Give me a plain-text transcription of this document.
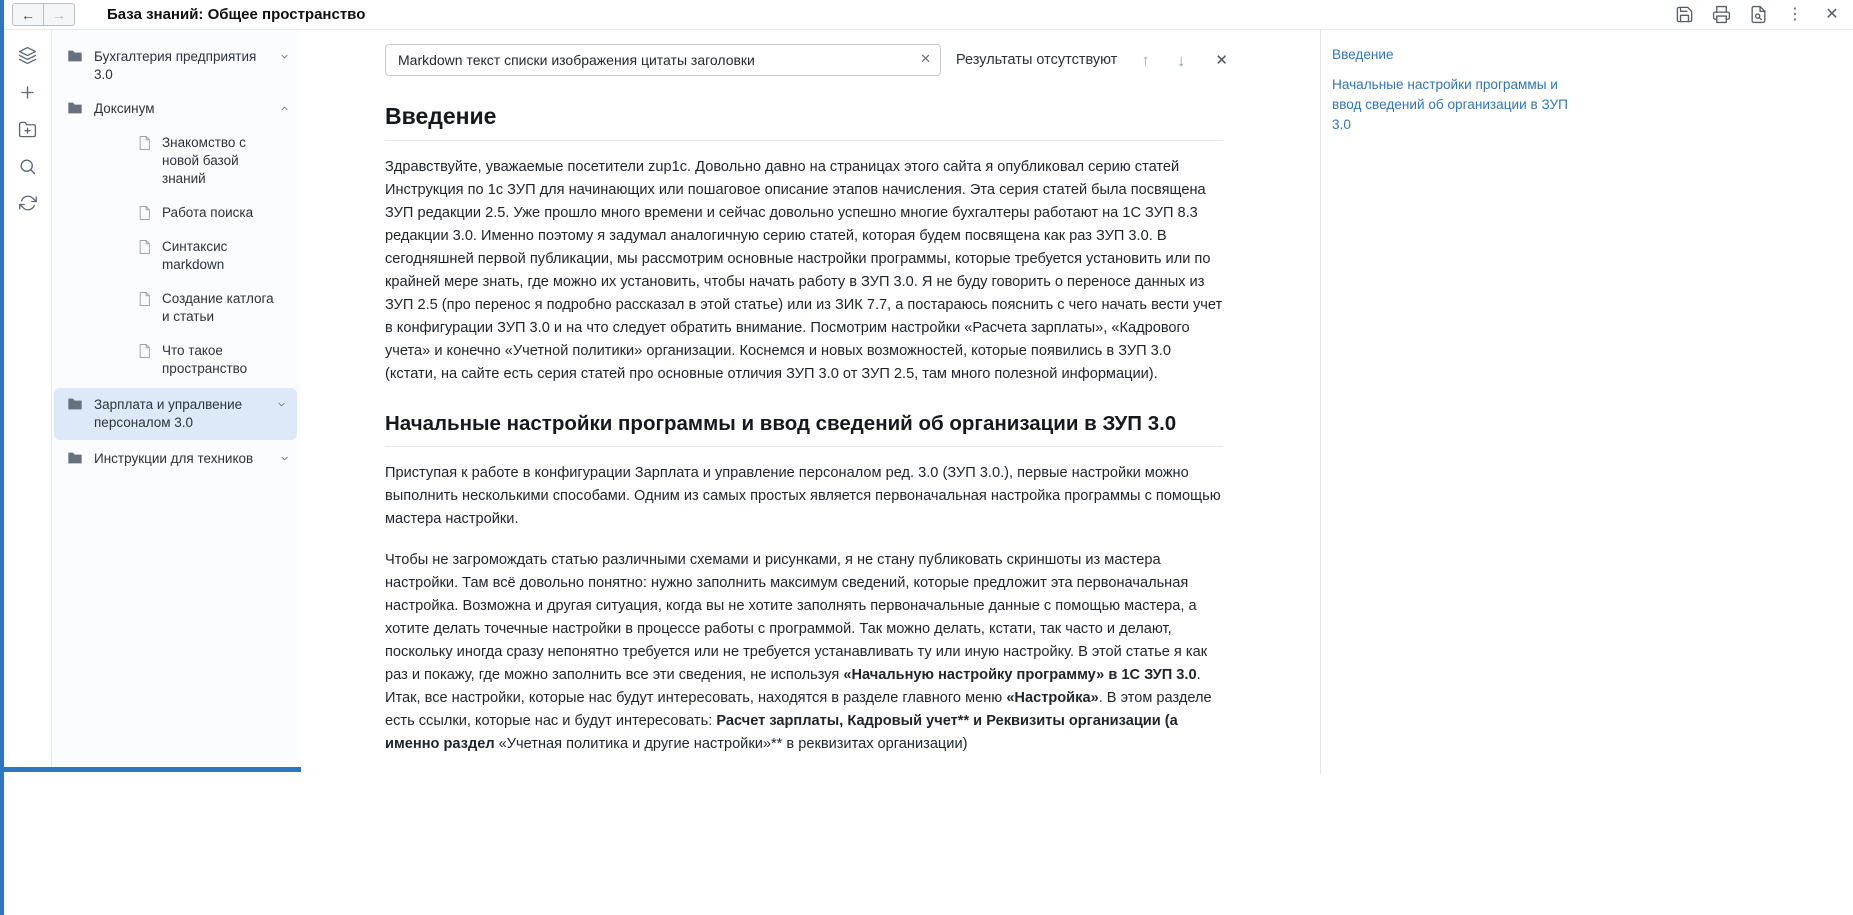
← →	База знаний: Общее пространство	⋮ ✕
Бухгалтерия предприятия 3.0
Доксинум
Знакомство с новой базой знаний
Работа поиска
Синтаксис markdown
Создание катлога и статьи
Что такое пространство
Зарплата и упралвение персоналом 3.0
Инструкции для техников
Markdown текст списки изображения цитаты заголовки
✕ Результаты отсутствуют ↑ ↓ ✕
Введение

Здравствуйте, уважаемые посетители zup1c. Довольно давно на страницах этого сайта я опубликовал серию статей Инструкция по 1с ЗУП для начинающих или пошаговое описание этапов начисления. Эта серия статей была посвящена ЗУП редакции 2.5. Уже прошло много времени и сейчас довольно успешно многие бухгалтеры работают на 1С ЗУП 8.3 редакции 3.0. Именно поэтому я задумал аналогичную серию статей, которая будем посвящена как раз ЗУП 3.0. В сегодняшней первой публикации, мы рассмотрим основные настройки программы, которые требуется установить или по крайней мере знать, где можно их установить, чтобы начать работу в ЗУП 3.0. Я не буду говорить о переносе данных из ЗУП 2.5 (про перенос я подробно рассказал в этой статье) или из ЗИК 7.7, а постараюсь пояснить с чего начать вести учет в конфигурации ЗУП 3.0 и на что следует обратить внимание. Посмотрим настройки «Расчета зарплаты», «Кадрового учета» и конечно «Учетной политики» организации. Коснемся и новых возможностей, которые появились в ЗУП 3.0 (кстати, на сайте есть серия статей про основные отличия ЗУП 3.0 от ЗУП 2.5, там много полезной информации).

Начальные настройки программы и ввод сведений об организации в ЗУП 3.0

Приступая к работе в конфигурации Зарплата и управление персоналом ред. 3.0 (ЗУП 3.0.), первые настройки можно выполнить несколькими способами. Одним из самых простых является первоначальная настройка программы с помощью мастера настройки.

Чтобы не загромождать статью различными схемами и рисунками, я не стану публиковать скриншоты из мастера настройки. Там всё довольно понятно: нужно заполнить максимум сведений, которые предложит эта первоначальная настройка. Возможна и другая ситуация, когда вы не хотите заполнять первоначальные данные с помощью мастера, а хотите делать точечные настройки в процессе работы с программой. Так можно делать, кстати, так часто и делают, поскольку иногда сразу непонятно требуется или не требуется устанавливать ту или иную настройку. В этой статье я как раз и покажу, где можно заполнить все эти сведения, не используя «Начальную настройку программу» в 1С ЗУП 3.0. Итак, все настройки, которые нас будут интересовать, находятся в разделе главного меню «Настройка». В этом разделе есть ссылки, которые нас и будут интересовать: Расчет зарплаты, Кадровый учет** и Реквизиты организации (а именно раздел «Учетная политика и другие настройки»** в реквизитах организации)

Введение
Начальные настройки программы и ввод сведений об организации в ЗУП 3.0
